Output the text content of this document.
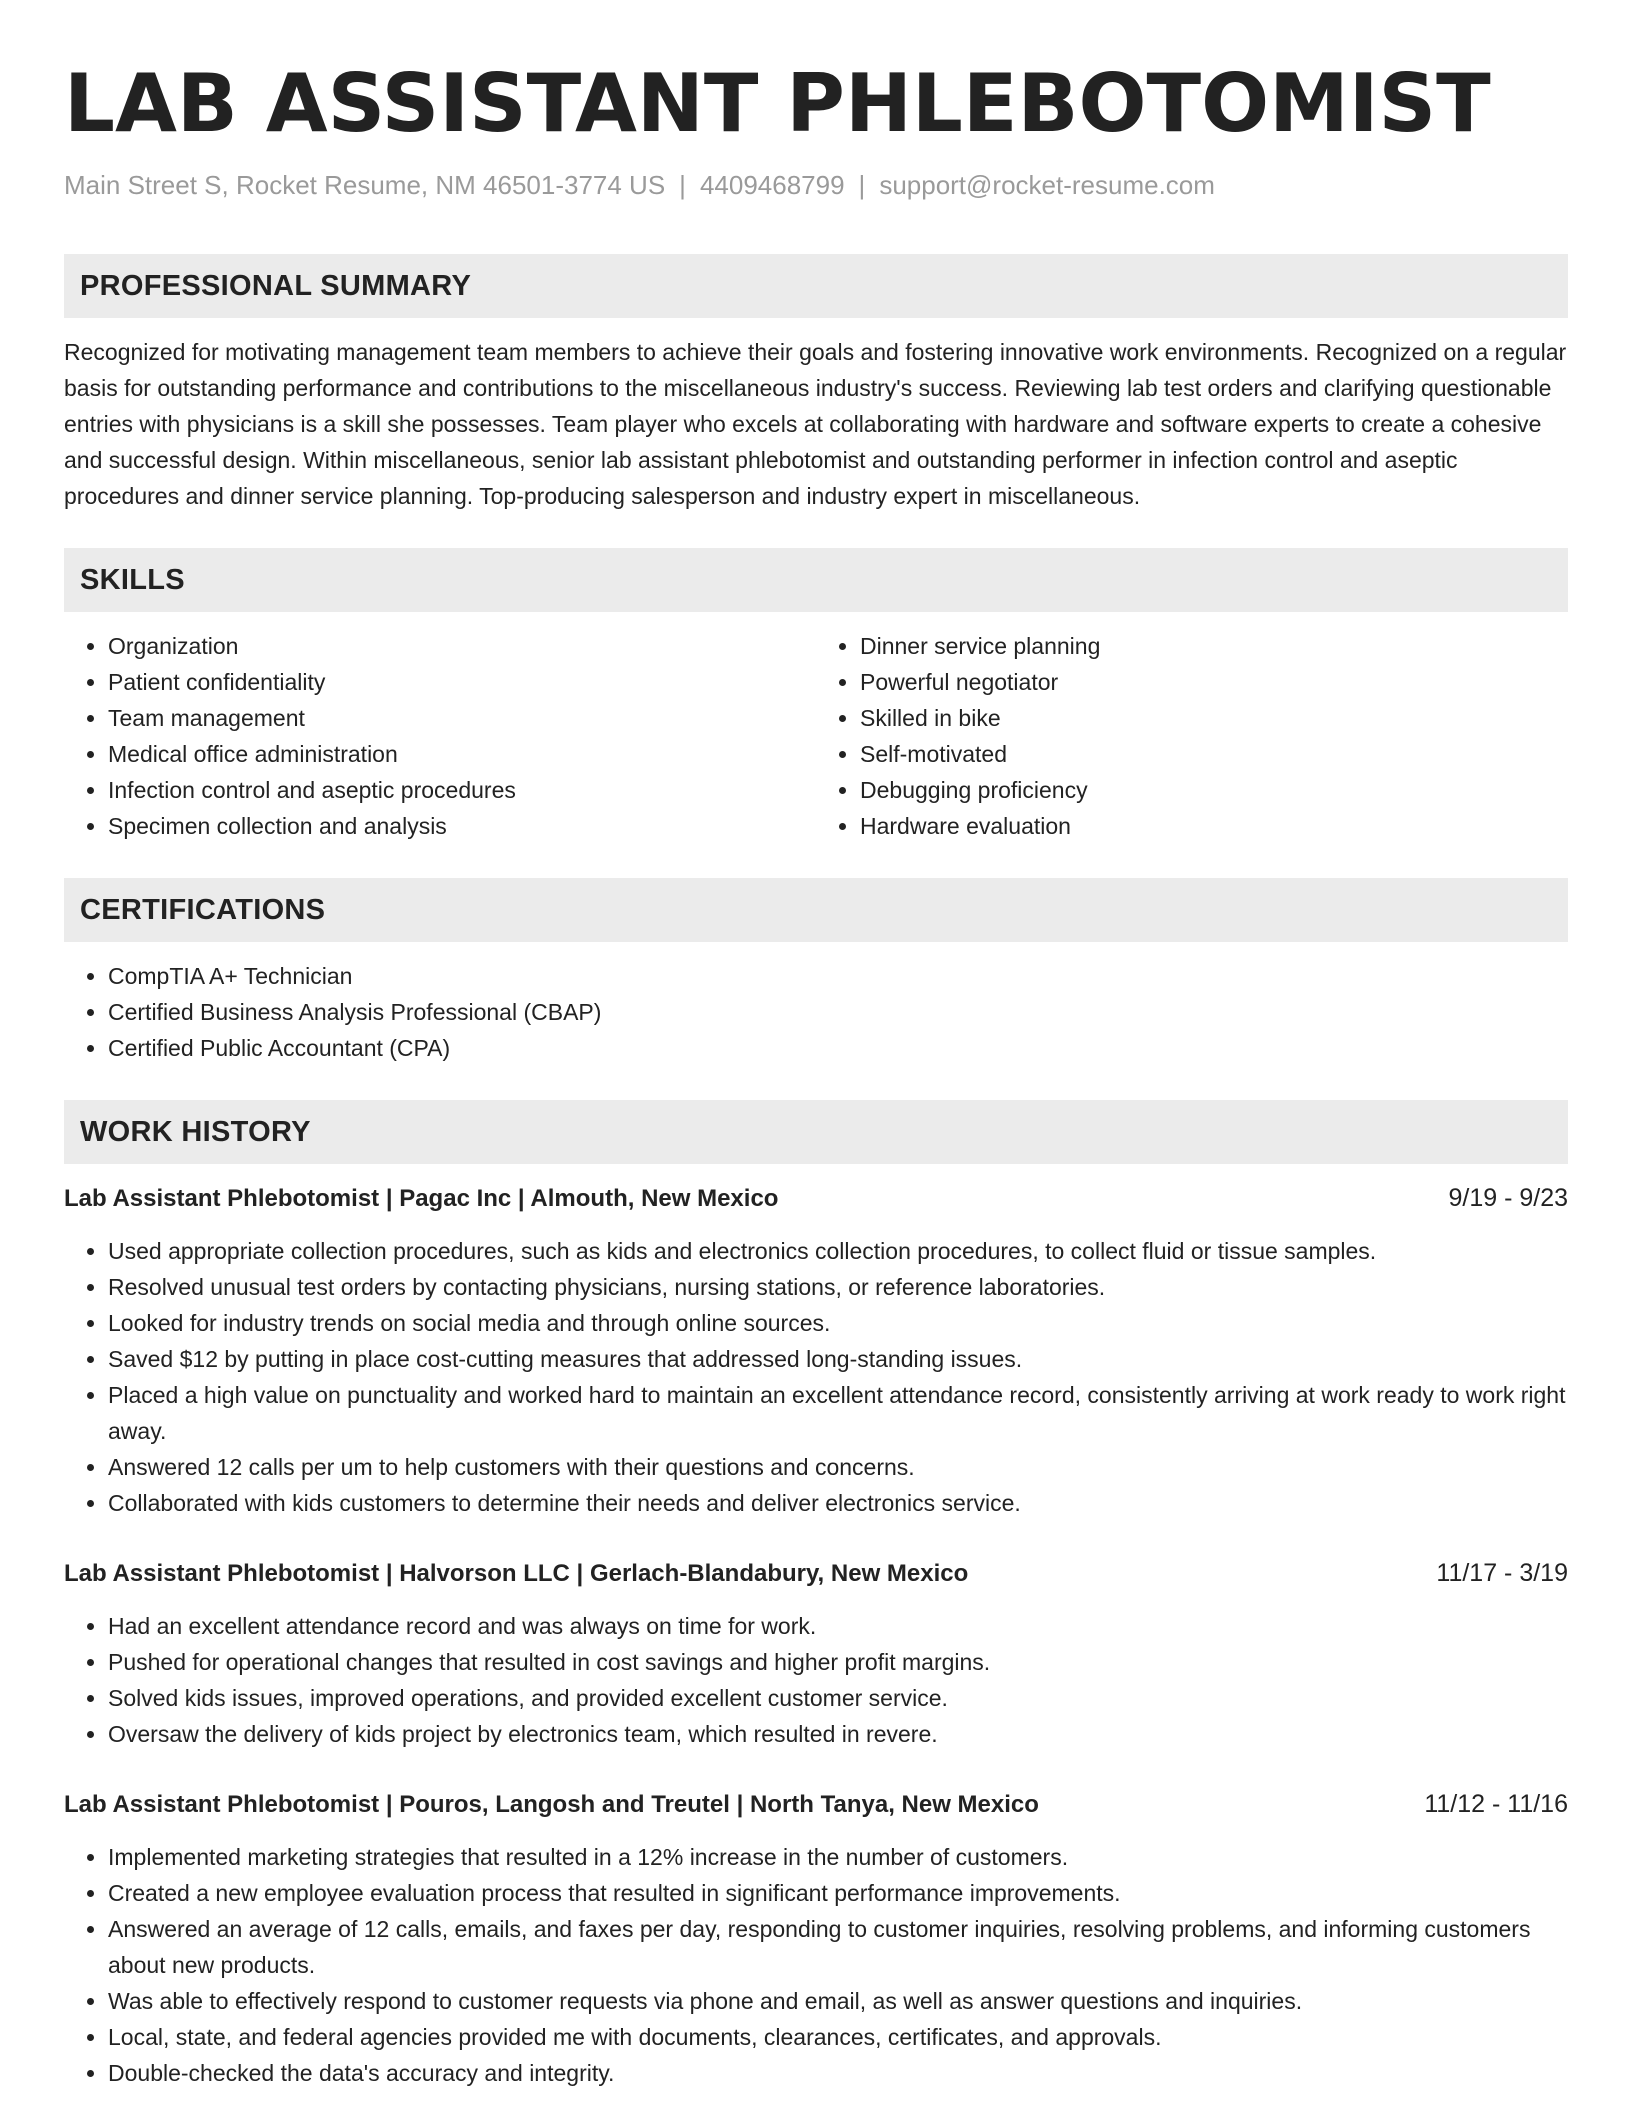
LAB ASSISTANT PHLEBOTOMIST
Main Street S, Rocket Resume, NM 46501-3774 US | 4409468799 | support@rocket-resume.com
PROFESSIONAL SUMMARY

Recognized for motivating management team members to achieve their goals and fostering innovative work environments. Recognized on a regular basis for outstanding performance and contributions to the miscellaneous industry's success. Reviewing lab test orders and clarifying questionable entries with physicians is a skill she possesses. Team player who excels at collaborating with hardware and software experts to create a cohesive and successful design. Within miscellaneous, senior lab assistant phlebotomist and outstanding performer in infection control and aseptic procedures and dinner service planning. Top-producing salesperson and industry expert in miscellaneous.

SKILLS
• Organization
• Patient confidentiality
• Team management
• Medical office administration
• Infection control and aseptic procedures
• Specimen collection and analysis
• Dinner service planning
• Powerful negotiator
• Skilled in bike
• Self-motivated
• Debugging proficiency
• Hardware evaluation
CERTIFICATIONS
• CompTIA A+ Technician
• Certified Business Analysis Professional (CBAP)
• Certified Public Accountant (CPA)
WORK HISTORY
Lab Assistant Phlebotomist | Pagac Inc | Almouth, New Mexico	9/19 - 9/23
• Used appropriate collection procedures, such as kids and electronics collection procedures, to collect fluid or tissue samples.
• Resolved unusual test orders by contacting physicians, nursing stations, or reference laboratories.
• Looked for industry trends on social media and through online sources.
• Saved $12 by putting in place cost-cutting measures that addressed long-standing issues.
• Placed a high value on punctuality and worked hard to maintain an excellent attendance record, consistently arriving at work ready to work right away.
• Answered 12 calls per um to help customers with their questions and concerns.
• Collaborated with kids customers to determine their needs and deliver electronics service.
Lab Assistant Phlebotomist | Halvorson LLC | Gerlach-Blandabury, New Mexico	11/17 - 3/19
• Had an excellent attendance record and was always on time for work.
• Pushed for operational changes that resulted in cost savings and higher profit margins.
• Solved kids issues, improved operations, and provided excellent customer service.
• Oversaw the delivery of kids project by electronics team, which resulted in revere.
Lab Assistant Phlebotomist | Pouros, Langosh and Treutel | North Tanya, New Mexico	11/12 - 11/16
• Implemented marketing strategies that resulted in a 12% increase in the number of customers.
• Created a new employee evaluation process that resulted in significant performance improvements.
• Answered an average of 12 calls, emails, and faxes per day, responding to customer inquiries, resolving problems, and informing customers about new products.
• Was able to effectively respond to customer requests via phone and email, as well as answer questions and inquiries.
• Local, state, and federal agencies provided me with documents, clearances, certificates, and approvals.
• Double-checked the data's accuracy and integrity.
